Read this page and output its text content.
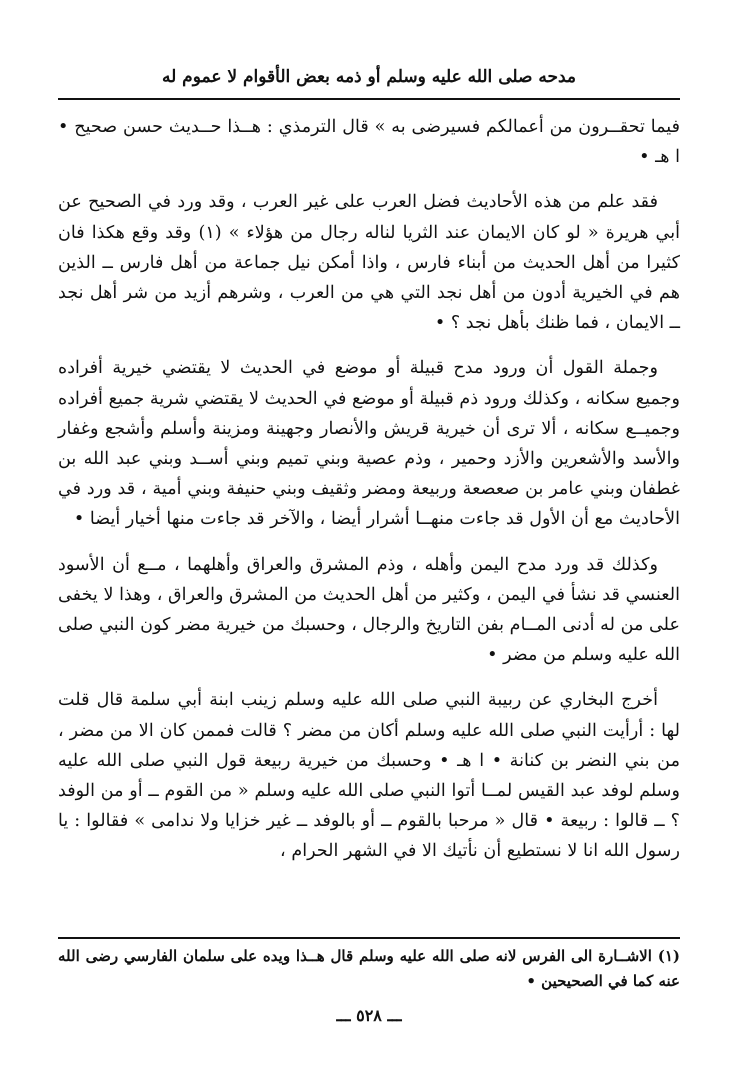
مدحه صلى الله عليه وسلم أو ذمه بعض الأقوام لا عموم له

فيما تحقــرون من أعمالكم فسيرضى به » قال الترمذي : هــذا حــديث حسن صحيح • ا هـ •

فقد علم من هذه الأحاديث فضل العرب على غير العرب ، وقد ورد في الصحيح عن أبي هريرة « لو كان الايمان عند الثريا لناله رجال من هؤلاء » (١) وقد وقع هكذا فان كثيرا من أهل الحديث من أبناء فارس ، واذا أمكن نيل جماعة من أهل فارس ــ الذين هم في الخيرية أدون من أهل نجد التي هي من العرب ، وشرهم أزيد من شر أهل نجد ــ الايمان ، فما ظنك بأهل نجد ؟ •

وجملة القول أن ورود مدح قبيلة أو موضع في الحديث لا يقتضي خيرية أفراده وجميع سكانه ، وكذلك ورود ذم قبيلة أو موضع في الحديث لا يقتضي شرية جميع أفراده وجميــع سكانه ، ألا ترى أن خيرية قريش والأنصار وجهينة ومزينة وأسلم وأشجع وغفار والأسد والأشعرين والأزد وحمير ، وذم عصية وبني تميم وبني أســد وبني عبد الله بن غطفان وبني عامر بن صعصعة وربيعة ومضر وثقيف وبني حنيفة وبني أمية ، قد ورد في الأحاديث مع أن الأول قد جاءت منهــا أشرار أيضا ، والآخر قد جاءت منها أخيار أيضا •

وكذلك قد ورد مدح اليمن وأهله ، وذم المشرق والعراق وأهلهما ، مــع أن الأسود العنسي قد نشأ في اليمن ، وكثير من أهل الحديث من المشرق والعراق ، وهذا لا يخفى على من له أدنى المــام بفن التاريخ والرجال ، وحسبك من خيرية مضر كون النبي صلى الله عليه وسلم من مضر •

أخرج البخاري عن ربيبة النبي صلى الله عليه وسلم زينب ابنة أبي سلمة قال قلت لها : أرأيت النبي صلى الله عليه وسلم أكان من مضر ؟ قالت فممن كان الا من مضر ، من بني النضر بن كنانة • ا هـ • وحسبك من خيرية ربيعة قول النبي صلى الله عليه وسلم لوفد عبد القيس لمــا أتوا النبي صلى الله عليه وسلم « من القوم ــ أو من الوفد ؟ ــ قالوا : ربيعة • قال « مرحبا بالقوم ــ أو بالوفد ــ غير خزايا ولا ندامى » فقالوا : يا رسول الله انا لا نستطيع أن نأتيك الا في الشهر الحرام ،

(١) الاشــارة الى الفرس لانه صلى الله عليه وسلم قال هــذا ويده على سلمان الفارسي رضى الله عنه كما في الصحيحين •
ـــ ٥٢٨ ـــ
